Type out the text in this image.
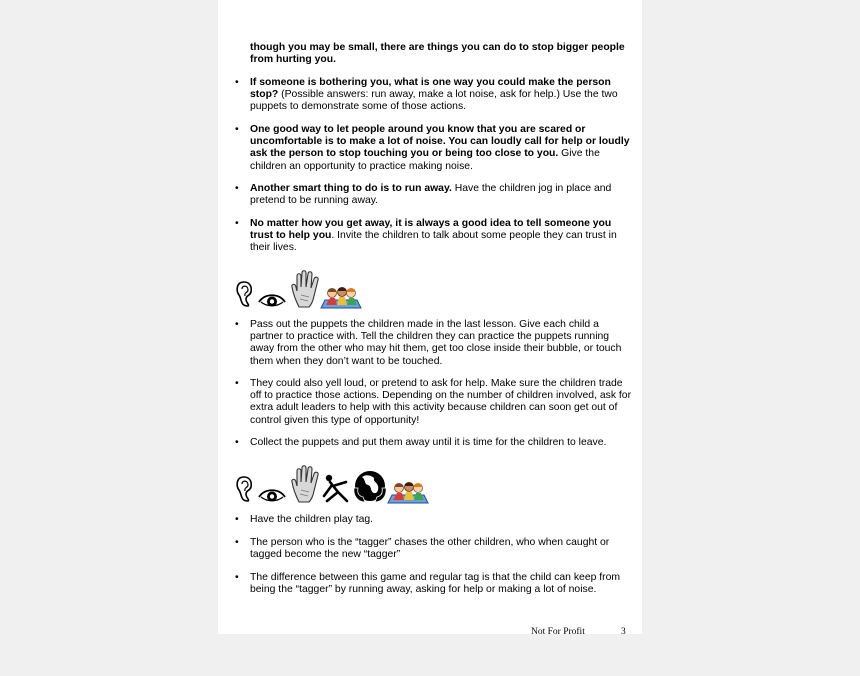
though you may be small, there are things you can do to stop bigger people from hurting you.
• If someone is bothering you, what is one way you could make the person stop? (Possible answers: run away, make a lot noise, ask for help.) Use the two puppets to demonstrate some of those actions.
• One good way to let people around you know that you are scared or uncomfortable is to make a lot of noise. You can loudly call for help or loudly ask the person to stop touching you or being too close to you. Give the children an opportunity to practice making noise.
• Another smart thing to do is to run away. Have the children jog in place and pretend to be running away.
• No matter how you get away, it is always a good idea to tell someone you trust to help you. Invite the children to talk about some people they can trust in their lives.
• Pass out the puppets the children made in the last lesson. Give each child a partner to practice with. Tell the children they can practice the puppets running away from the other who may hit them, get too close inside their bubble, or touch them when they don’t want to be touched.
• They could also yell loud, or pretend to ask for help. Make sure the children trade off to practice those actions. Depending on the number of children involved, ask for extra adult leaders to help with this activity because children can soon get out of control given this type of opportunity!
• Collect the puppets and put them away until it is time for the children to leave.
• Have the children play tag.
• The person who is the “tagger” chases the other children, who when caught or tagged become the new “tagger”
• The difference between this game and regular tag is that the child can keep from being the “tagger” by running away, asking for help or making a lot of noise.
Not For Profit	3
